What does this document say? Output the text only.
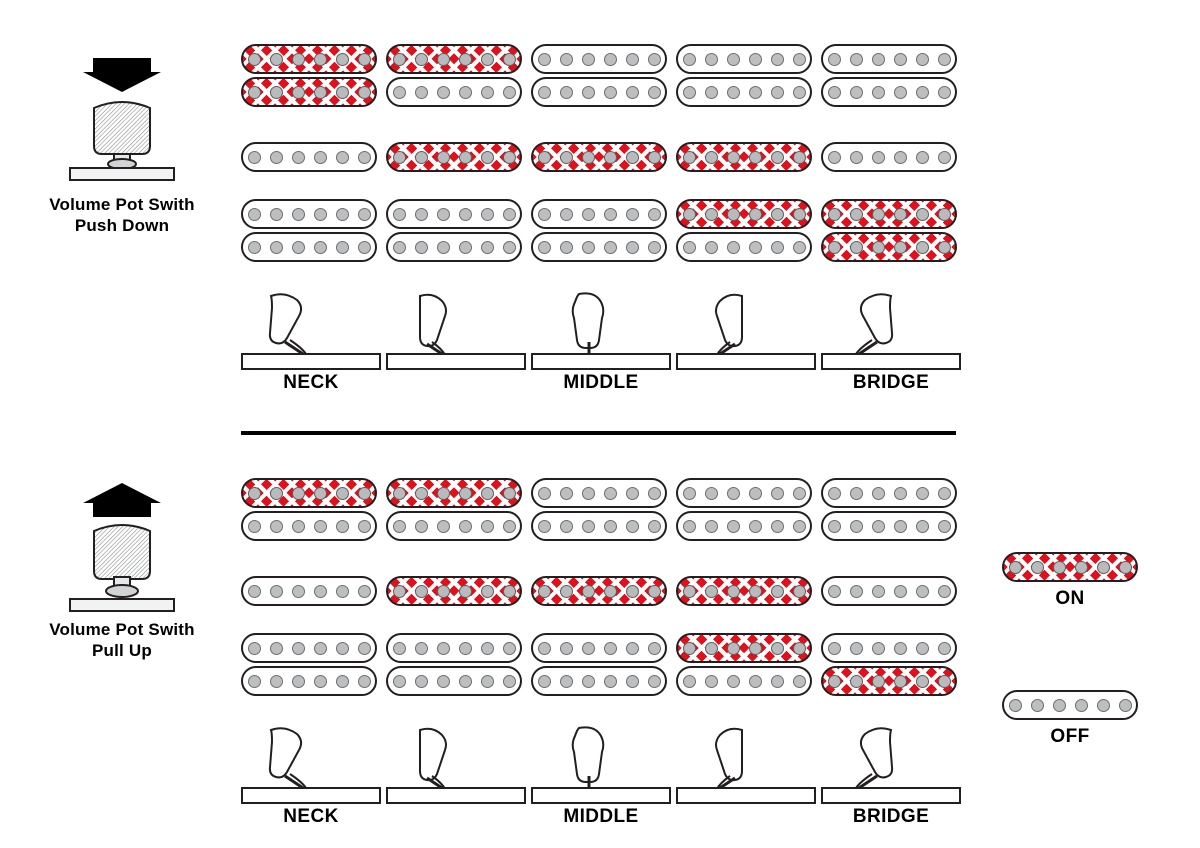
Volume Pot Swith
Push Down
NECK	MIDDLE	BRIDGE
Volume Pot Swith
Pull Up
NECK	MIDDLE	BRIDGE
ON
OFF
